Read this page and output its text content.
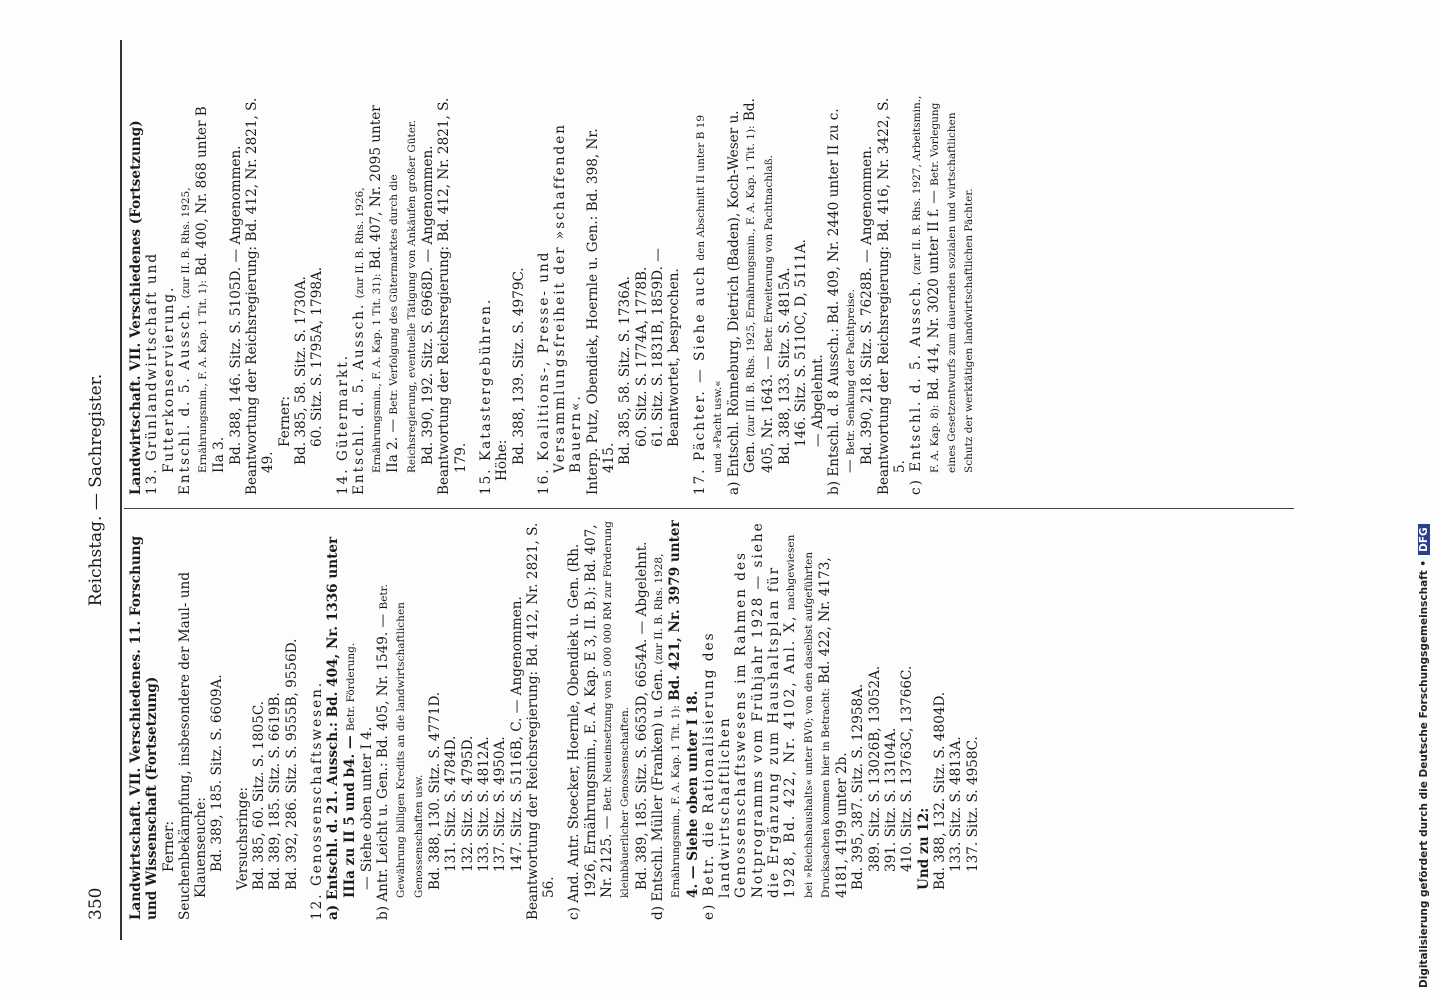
350
Reichstag. — Sachregister.

Landwirtschaft. VII. Verschiedenes. 11. Forschung und Wissenschaft (Fortsetzung) Ferner: Seuchenbekämpfung, insbesondere der Maul- und Klauenseuche: Bd. 389, 185. Sitz. S. 6609A. Versuchsringe: Bd. 385, 60. Sitz. S. 1805C. Bd. 389, 185. Sitz. S. 6619B. Bd. 392, 286. Sitz. S. 9555B, 9556D. 12. Genossenschaftswesen. a) Entschl. d. 21. Aussch.: Bd. 404, Nr. 1336 unter IIIa zu II 5 und b4. — Betr. Förderung.

— Siehe oben unter I 4. b) Antr. Leicht u. Gen.: Bd. 405, Nr. 1549. — Betr. Gewährung billigen Kredits an die landwirtschaftlichen Genossenschaften usw. Bd. 388, 130. Sitz. S. 4771D. 131. Sitz. S. 4784D. 132. Sitz. S. 4795D. 133. Sitz. S. 4812A. 137. Sitz. S. 4950A. 147. Sitz. S. 5116B, C. — Angenommen. Beantwortung der Reichsregierung: Bd. 412, Nr. 2821, S. 56. c) And. Antr. Stoecker, Hoernle, Obendiek u. Gen. (Rh. 1926, Ernährungsmin., E. A. Kap. E 3, II. B.): Bd. 407, Nr. 2125. — Betr. Neueinsetzung von 5 000 000 RM zur Förderung kleinbäuerlicher Genossenschaften. Bd. 389, 185. Sitz. S. 6653D, 6654A. — Abgelehnt. d) Entschl. Müller (Franken) u. Gen. (zur II. B. Rhs. 1928, Ernährungsmin., F. A. Kap. 1 Tit. 1): Bd. 421, Nr. 3979 unter 4. — Siehe oben unter I 18. e) Betr. die Rationalisierung des landwirtschaftlichen Genossenschaftswesens im Rahmen des Notprogramms vom Frühjahr 1928 — siehe die Ergänzung zum Haushaltsplan für 1928, Bd. 422, Nr. 4102, Anl. X, nachgewiesen bei »Reichshaushalts« unter BV0; von den daselbst aufgeführten Drucksachen kommen hier in Betracht: Bd. 422, Nr. 4173, 4181, 4199 unter 2b. Bd. 395, 387. Sitz. S. 12958A. 389. Sitz. S. 13026B, 13052A. 391. Sitz. S. 13104A. 410. Sitz. S. 13763C, 13766C. Und zu 12: Bd. 388, 132. Sitz. S. 4804D. 133. Sitz. S. 4813A. 137. Sitz. S. 4958C.

Landwirtschaft. VII. Verschiedenes (Fortsetzung) 13. Grünlandwirtschaft und Futterkonservierung. Entschl. d. 5. Aussch. (zur II. B. Rhs. 1925, Ernährungsmin., F. A. Kap. 1 Tit. 1): Bd. 400, Nr. 868 unter B IIa 3. Bd. 388, 146. Sitz. S. 5105D. — Angenommen. Beantwortung der Reichsregierung: Bd. 412, Nr. 2821, S. 49.

Ferner: Bd. 385, 58. Sitz. S. 1730A. 60. Sitz. S. 1795A, 1798A. 14. Gütermarkt. Entschl. d. 5. Aussch. (zur II. B. Rhs. 1926, Ernährungsmin., F. A. Kap. 1 Tit. 31): Bd. 407, Nr. 2095 unter IIa 2. — Betr. Verfolgung des Gütermarktes durch die Reichsregierung, eventuelle Tätigung von Ankäufen großer Güter. Bd. 390, 192. Sitz. S. 6968D. — Angenommen. Beantwortung der Reichsregierung: Bd. 412, Nr. 2821, S. 179. 15. Katastergebühren. Höhe: Bd. 388, 139. Sitz. S. 4979C. 16. Koalitions-, Presse- und Versammlungsfreiheit der »schaffenden Bauern«. Interp. Putz, Obendiek, Hoernle u. Gen.: Bd. 398, Nr. 415. Bd. 385, 58. Sitz. S. 1736A. 60. Sitz. S. 1774A, 1778B. 61. Sitz. S. 1831B, 1859D. — Beantwortet, besprochen. 17. Pächter. — Siehe auch den Abschnitt II unter B 19 und »Pacht usw.« a) Entschl. Rönneburg, Dietrich (Baden), Koch-Weser u. Gen. (zur III. B. Rhs. 1925, Ernährungsmin., F. A. Kap. 1 Tit. 1): Bd. 405, Nr. 1643. — Betr. Erweiterung von Pachtnachlaß.

Bd. 388, 133. Sitz. S. 4815A. 146. Sitz. S. 5110C, D, 5111A. — Abgelehnt. b) Entschl. d. 8 Aussch.: Bd. 409, Nr. 2440 unter II zu c. — Betr. Senkung der Pachtpreise. Bd. 390, 218. Sitz. S. 7628B. — Angenommen. Beantwortung der Reichsregierung: Bd. 416, Nr. 3422, S. 5. c) Entschl. d. 5. Aussch. (zur II. B. Rhs. 1927, Arbeitsmin., F. A. Kap. 8): Bd. 414, Nr. 3020 unter II f. — Betr. Vorlegung eines Gesetzentwurfs zum dauernden sozialen und wirtschaftlichen Schutz der werktätigen landwirtschaftlichen Pächter.

Digitalisierung gefördert durch die Deutsche Forschungsgemeinschaft •DFG
